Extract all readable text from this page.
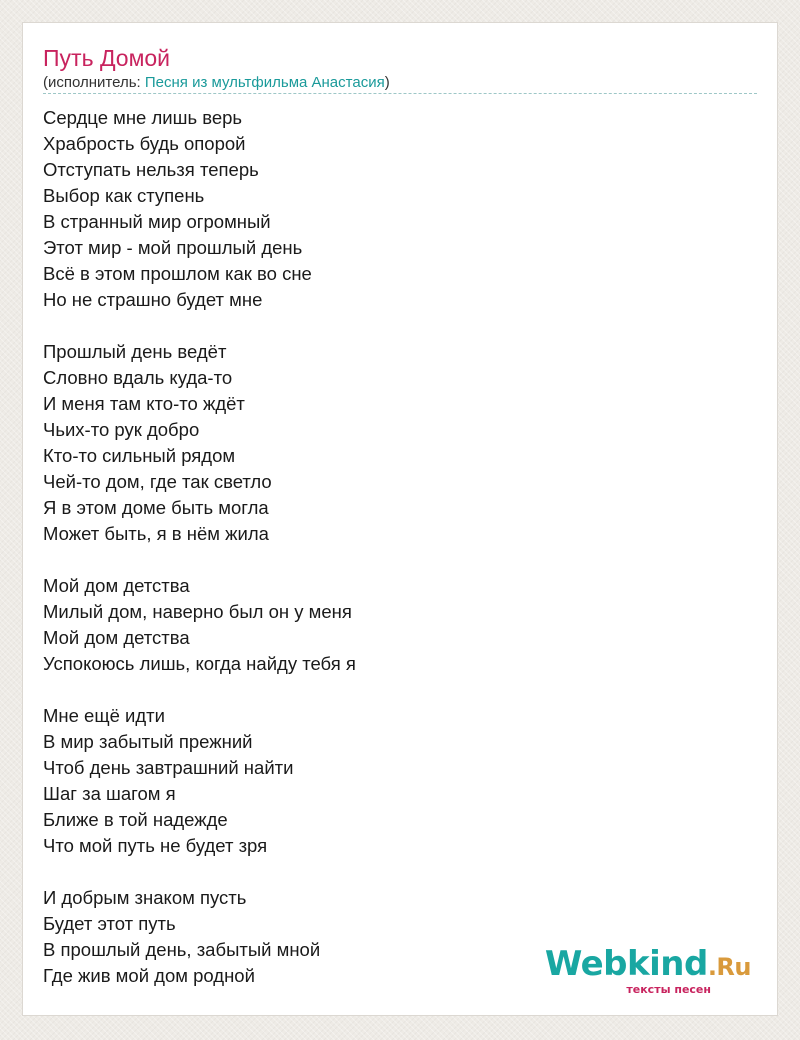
Путь Домой
(исполнитель: Песня из мультфильма Анастасия)
Сердце мне лишь верь
Храбрость будь опорой
Отступать нельзя теперь
Выбор как ступень
В странный мир огромный
Этот мир - мой прошлый день
Всё в этом прошлом как во сне
Но не страшно будет мне
Прошлый день ведёт
Словно вдаль куда-то
И меня там кто-то ждёт
Чьих-то рук добро
Кто-то сильный рядом
Чей-то дом, где так светло
Я в этом доме быть могла
Может быть, я в нём жила
Мой дом детства
Милый дом, наверно был он у меня
Мой дом детства
Успокоюсь лишь, когда найду тебя я
Мне ещё идти
В мир забытый прежний
Чтоб день завтрашний найти
Шаг за шагом я
Ближе в той надежде
Что мой путь не будет зря
И добрым знаком пусть
Будет этот путь
В прошлый день, забытый мной
Где жив мой дом родной	Webkind.Ru
тексты песен
